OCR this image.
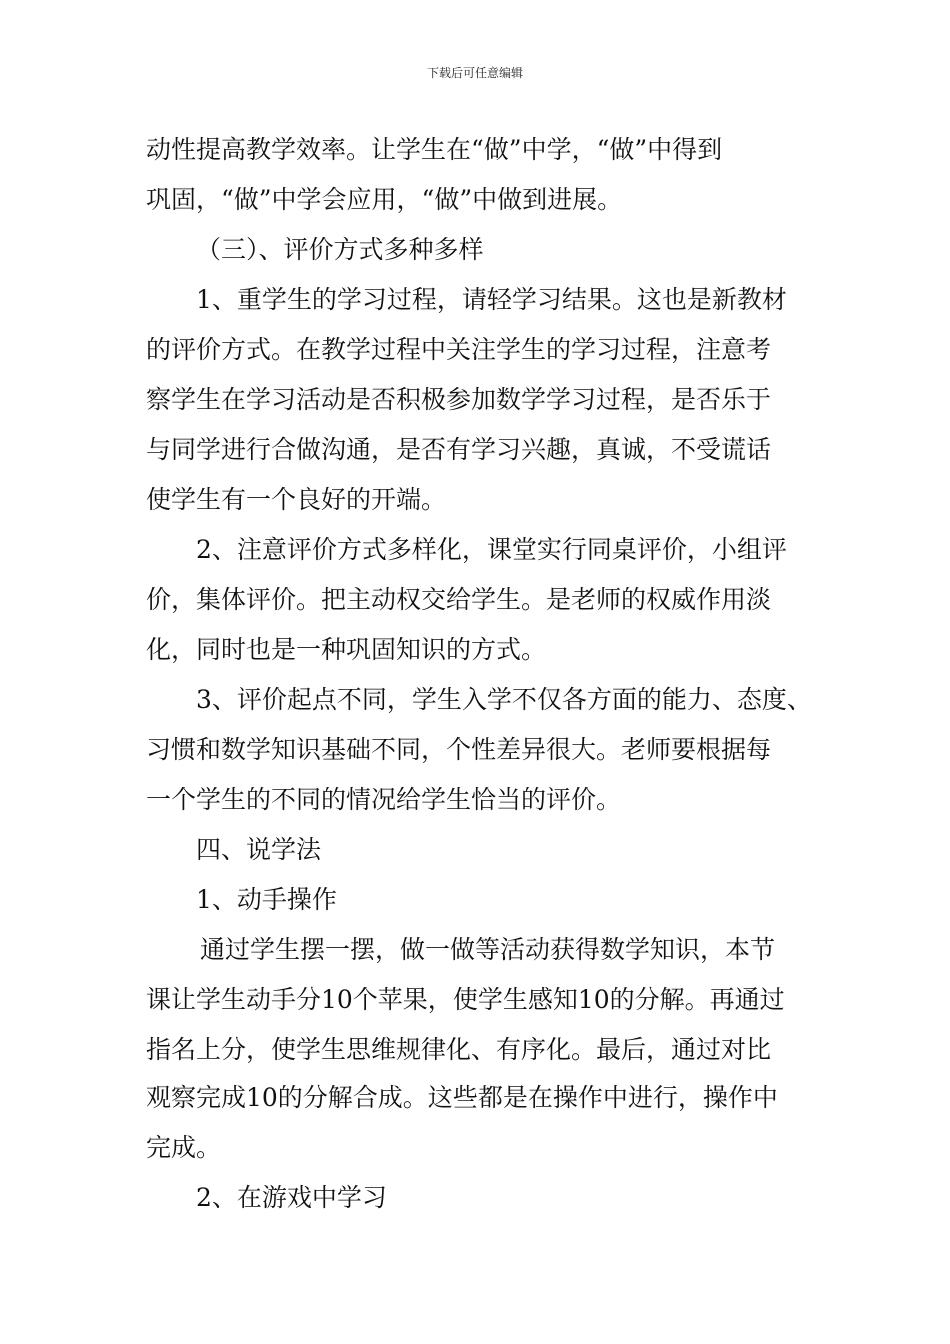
下载后可任意编辑

动性提高教学效率。让学生在“做”中学，“做”中得到

巩固，“做”中学会应用，“做”中做到进展。

（三）、评价方式多种多样

1、重学生的学习过程，请轻学习结果。这也是新教材

的评价方式。在教学过程中关注学生的学习过程，注意考

察学生在学习活动是否积极参加数学学习过程，是否乐于

与同学进行合做沟通，是否有学习兴趣，真诚，不受谎话

使学生有一个良好的开端。

2、注意评价方式多样化，课堂实行同桌评价，小组评

价，集体评价。把主动权交给学生。是老师的权威作用淡

化，同时也是一种巩固知识的方式。

3、评价起点不同，学生入学不仅各方面的能力、态度、

习惯和数学知识基础不同，个性差异很大。老师要根据每

一个学生的不同的情况给学生恰当的评价。

四、说学法

1、动手操作

通过学生摆一摆，做一做等活动获得数学知识，本节

课让学生动手分10个苹果，使学生感知10的分解。再通过

指名上分，使学生思维规律化、有序化。最后，通过对比

观察完成10的分解合成。这些都是在操作中进行，操作中

完成。

2、在游戏中学习
